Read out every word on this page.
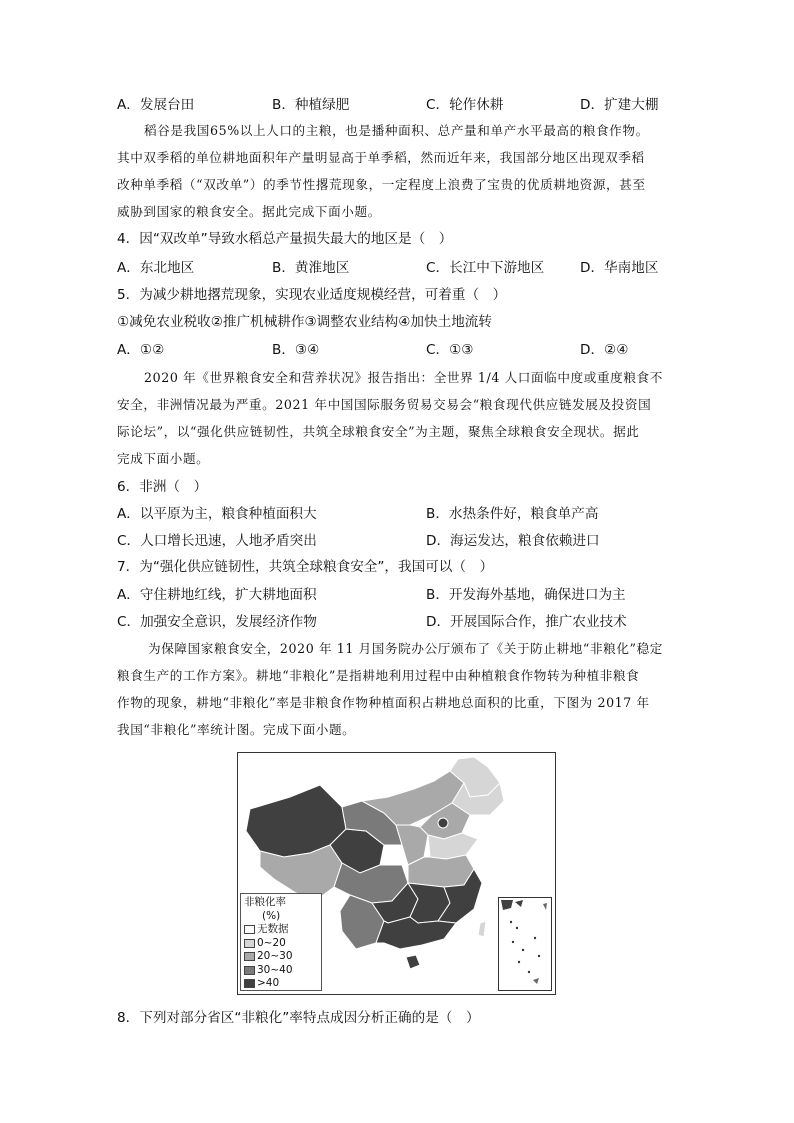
A．发展台田	B．种植绿肥	C．轮作休耕	D．扩建大棚
稻谷是我国65%以上人口的主粮，也是播种面积、总产量和单产水平最高的粮食作物。
其中双季稻的单位耕地面积年产量明显高于单季稻，然而近年来，我国部分地区出现双季稻
改种单季稻（“双改单”）的季节性撂荒现象，一定程度上浪费了宝贵的优质耕地资源，甚至
威胁到国家的粮食安全。据此完成下面小题。
4．因“双改单”导致水稻总产量损失最大的地区是（　）
A．东北地区	B．黄淮地区	C．长江中下游地区	D．华南地区
5．为减少耕地撂荒现象，实现农业适度规模经营，可着重（　）
①减免农业税收②推广机械耕作③调整农业结构④加快土地流转
A．①②	B．③④	C．①③	D．②④
2020 年《世界粮食安全和营养状况》报告指出：全世界 1/4 人口面临中度或重度粮食不
安全，非洲情况最为严重。2021 年中国国际服务贸易交易会“粮食现代供应链发展及投资国
际论坛”，以“强化供应链韧性，共筑全球粮食安全”为主题，聚焦全球粮食安全现状。据此
完成下面小题。
6．非洲（　）
A．以平原为主，粮食种植面积大	B．水热条件好，粮食单产高
C．人口增长迅速，人地矛盾突出	D．海运发达，粮食依赖进口
7．为“强化供应链韧性，共筑全球粮食安全”，我国可以（　）
A．守住耕地红线，扩大耕地面积	B．开发海外基地，确保进口为主
C．加强安全意识，发展经济作物	D．开展国际合作，推广农业技术
为保障国家粮食安全，2020 年 11 月国务院办公厅颁布了《关于防止耕地“非粮化”稳定
粮食生产的工作方案》。耕地“非粮化”是指耕地利用过程中由种植粮食作物转为种植非粮食
作物的现象，耕地“非粮化”率是非粮食作物种植面积占耕地总面积的比重，下图为 2017 年
我国“非粮化”率统计图。完成下面小题。
非粮化率
(%)
无数据
0~20
20~30
30~40
>40
8．下列对部分省区“非粮化”率特点成因分析正确的是（　）
